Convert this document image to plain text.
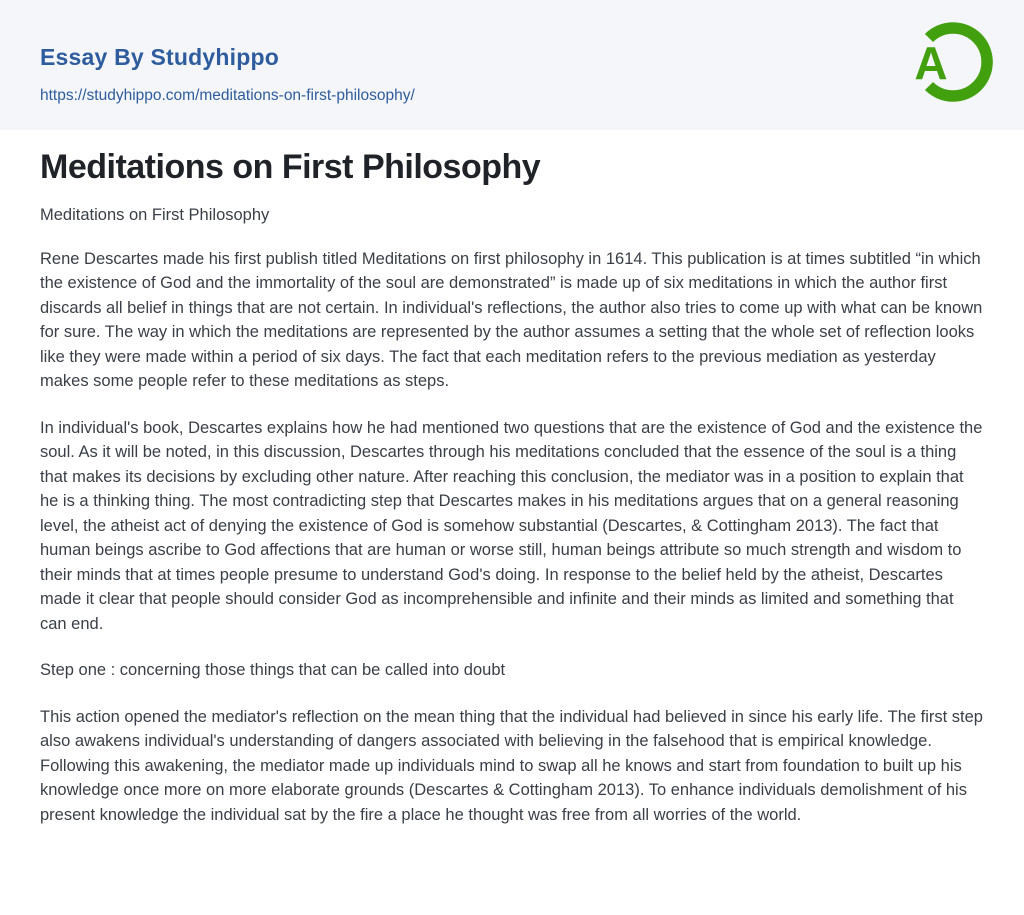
Essay By Studyhippo
https://studyhippo.com/meditations-on-first-philosophy/
A
Meditations on First Philosophy

Meditations on First Philosophy

Rene Descartes made his first publish titled Meditations on first philosophy in 1614. This publication is at times subtitled “in which the existence of God and the immortality of the soul are demonstrated” is made up of six meditations in which the author first discards all belief in things that are not certain. In individual's reflections, the author also tries to come up with what can be known for sure. The way in which the meditations are represented by the author assumes a setting that the whole set of reflection looks like they were made within a period of six days. The fact that each meditation refers to the previous mediation as yesterday makes some people refer to these meditations as steps.

In individual's book, Descartes explains how he had mentioned two questions that are the existence of God and the existence the soul. As it will be noted, in this discussion, Descartes through his meditations concluded that the essence of the soul is a thing that makes its decisions by excluding other nature. After reaching this conclusion, the mediator was in a position to explain that he is a thinking thing. The most contradicting step that Descartes makes in his meditations argues that on a general reasoning level, the atheist act of denying the existence of God is somehow substantial (Descartes, & Cottingham 2013). The fact that human beings ascribe to God affections that are human or worse still, human beings attribute so much strength and wisdom to their minds that at times people presume to understand God's doing. In response to the belief held by the atheist, Descartes made it clear that people should consider God as incomprehensible and infinite and their minds as limited and something that can end.

Step one : concerning those things that can be called into doubt

This action opened the mediator's reflection on the mean thing that the individual had believed in since his early life. The first step also awakens individual's understanding of dangers associated with believing in the falsehood that is empirical knowledge. Following this awakening, the mediator made up individuals mind to swap all he knows and start from foundation to built up his knowledge once more on more elaborate grounds (Descartes & Cottingham 2013). To enhance individuals demolishment of his present knowledge the individual sat by the fire a place he thought was free from all worries of the world.
